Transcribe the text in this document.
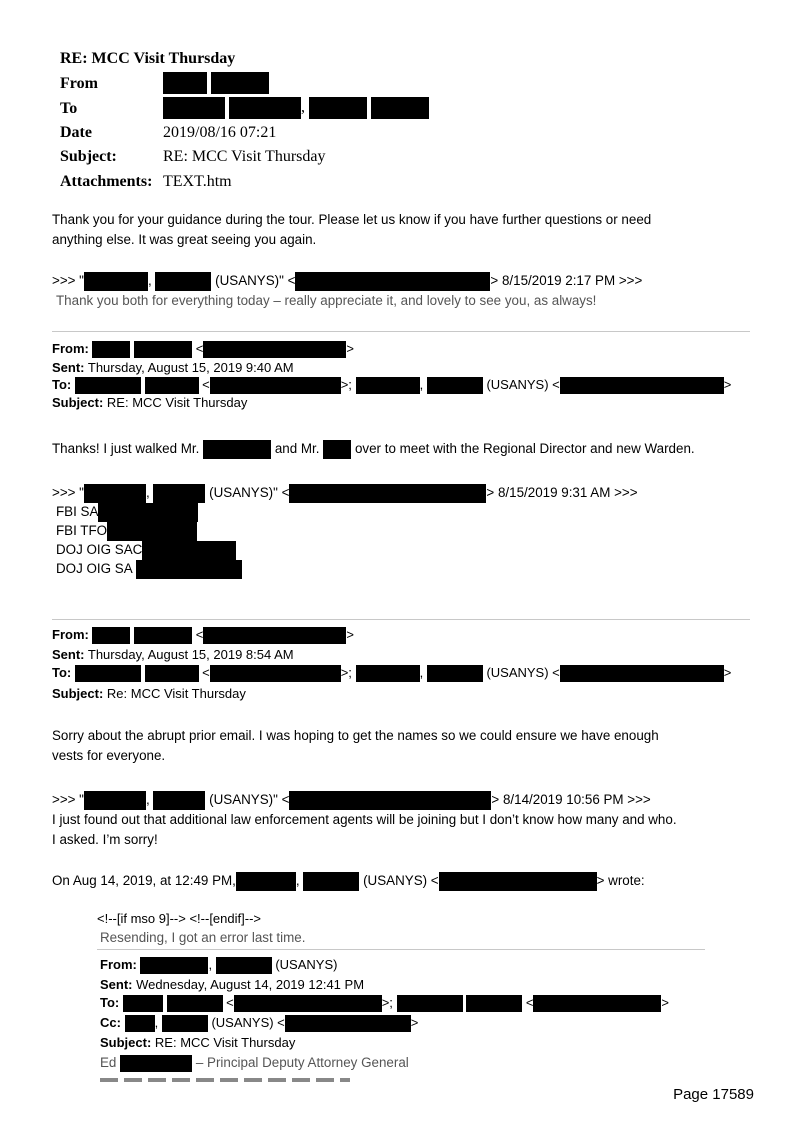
RE: MCC Visit Thursday
From

To	,
Date	2019/08/16 07:21
Subject:	RE: MCC Visit Thursday
Attachments: TEXT.htm
Thank you for your guidance during the tour. Please let us know if you have further questions or need
anything else. It was great seeing you again.
>>> "	,	(USANYS)" <	> 8/15/2019 2:17 PM >>>
Thank you both for everything today – really appreciate it, and lovely to see you, as always!
From:	<	>
Sent: Thursday, August 15, 2019 9:40 AM
To:	<	>;	,	(USANYS) <	>
Subject: RE: MCC Visit Thursday
Thanks! I just walked Mr.	and Mr.	over to meet with the Regional Director and new Warden.
>>> "	,	(USANYS)" <	> 8/15/2019 9:31 AM >>>
FBI SA
FBI TFO
DOJ OIG SAC
DOJ OIG SA
From:	<	>
Sent: Thursday, August 15, 2019 8:54 AM
To:	<	>;	,	(USANYS) <	>
Subject: Re: MCC Visit Thursday
Sorry about the abrupt prior email. I was hoping to get the names so we could ensure we have enough
vests for everyone.
>>> "	,	(USANYS)" <	> 8/14/2019 10:56 PM >>>
I just found out that additional law enforcement agents will be joining but I don’t know how many and who.
I asked. I’m sorry!
On Aug 14, 2019, at 12:49 PM,	,	(USANYS) <	> wrote:
<!--[if mso 9]--> <!--[endif]-->
Resending, I got an error last time.
From:	,	(USANYS)
Sent: Wednesday, August 14, 2019 12:41 PM
To:	<	>;	<	>
Cc:	,	(USANYS) <	>
Subject: RE: MCC Visit Thursday
Ed	– Principal Deputy Attorney General
Page 17589
